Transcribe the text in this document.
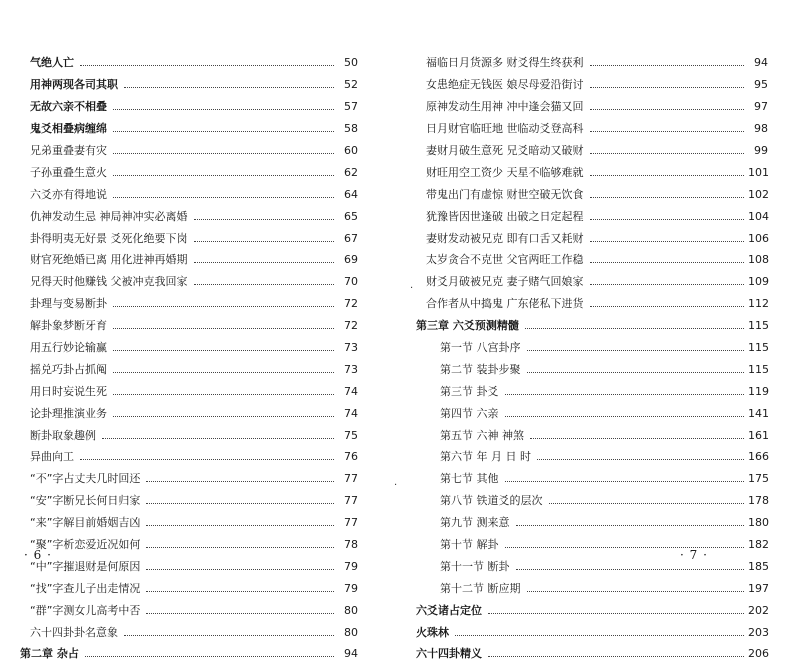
气绝人亡	50
用神两现各司其职	52
无故六亲不相叠	57
鬼爻相叠病缠绵	58
兄弟重叠妻有灾	60
子孙重叠生意火	62
六爻亦有得地说	64
仇神发动生忌 神局神冲实必离婚	65
卦得明夷无好景 爻死化绝要下岗	67
财官死绝婚已离 用化进神再婚期	69
兄得天时他赚钱 父被冲克我回家	70
卦理与变易断卦	72
解卦象梦断牙育	72
用五行妙论输赢	73
摇兑巧卦占抓阄	73
用日时妄说生死	74
论卦理推演业务	74
断卦取象趣例	75
异曲向工	76
“不”字占丈夫几时回还	77
“安”字断兄长何日归家	77
“来”字解目前婚姻吉凶	77
“聚”字析恋爱近况如何	78
“中”字摧退财是何原因	79
“找”字查儿子出走情况	79
“群”字测女儿高考中否	80
六十四卦卦名意象	80
第二章 杂占	94
· 6 ·
福临日月货源多 财爻得生终获利	94
女患绝症无钱医 娘尽母爱沿街讨	95
原神发动生用神 冲中逢会猫又回	97
日月财官临旺地 世临动爻登高科	98
妻财月破生意死 兄爻暗动又破财	99
财旺用空工资少 天星不临够难就	101
带鬼出门有虚惊 财世空破无饮食	102
犹豫皆因世逢破 出破之日定起程	104
妻财发动被兄克 即有口舌又耗财	106
太岁贪合不克世 父官两旺工作稳	108
财爻月破被兄克 妻子赌气回娘家	109
合作者从中捣鬼 广东佬私下进货	112
第三章 六爻预测精髓	115
第一节 八宫卦序	115
第二节 装卦步聚	115
第三节 卦爻	119
第四节 六亲	141
第五节 六神 神煞	161
第六节 年 月 日 时	166
第七节 其他	175
第八节 铁道爻的层次	178
第九节 测来意	180
第十节 解卦	182
第十一节 断卦	185
第十二节 断应期	197
六爻诸占定位	202
火珠林	203
六十四卦精义	206
· 7 ·
·
·
